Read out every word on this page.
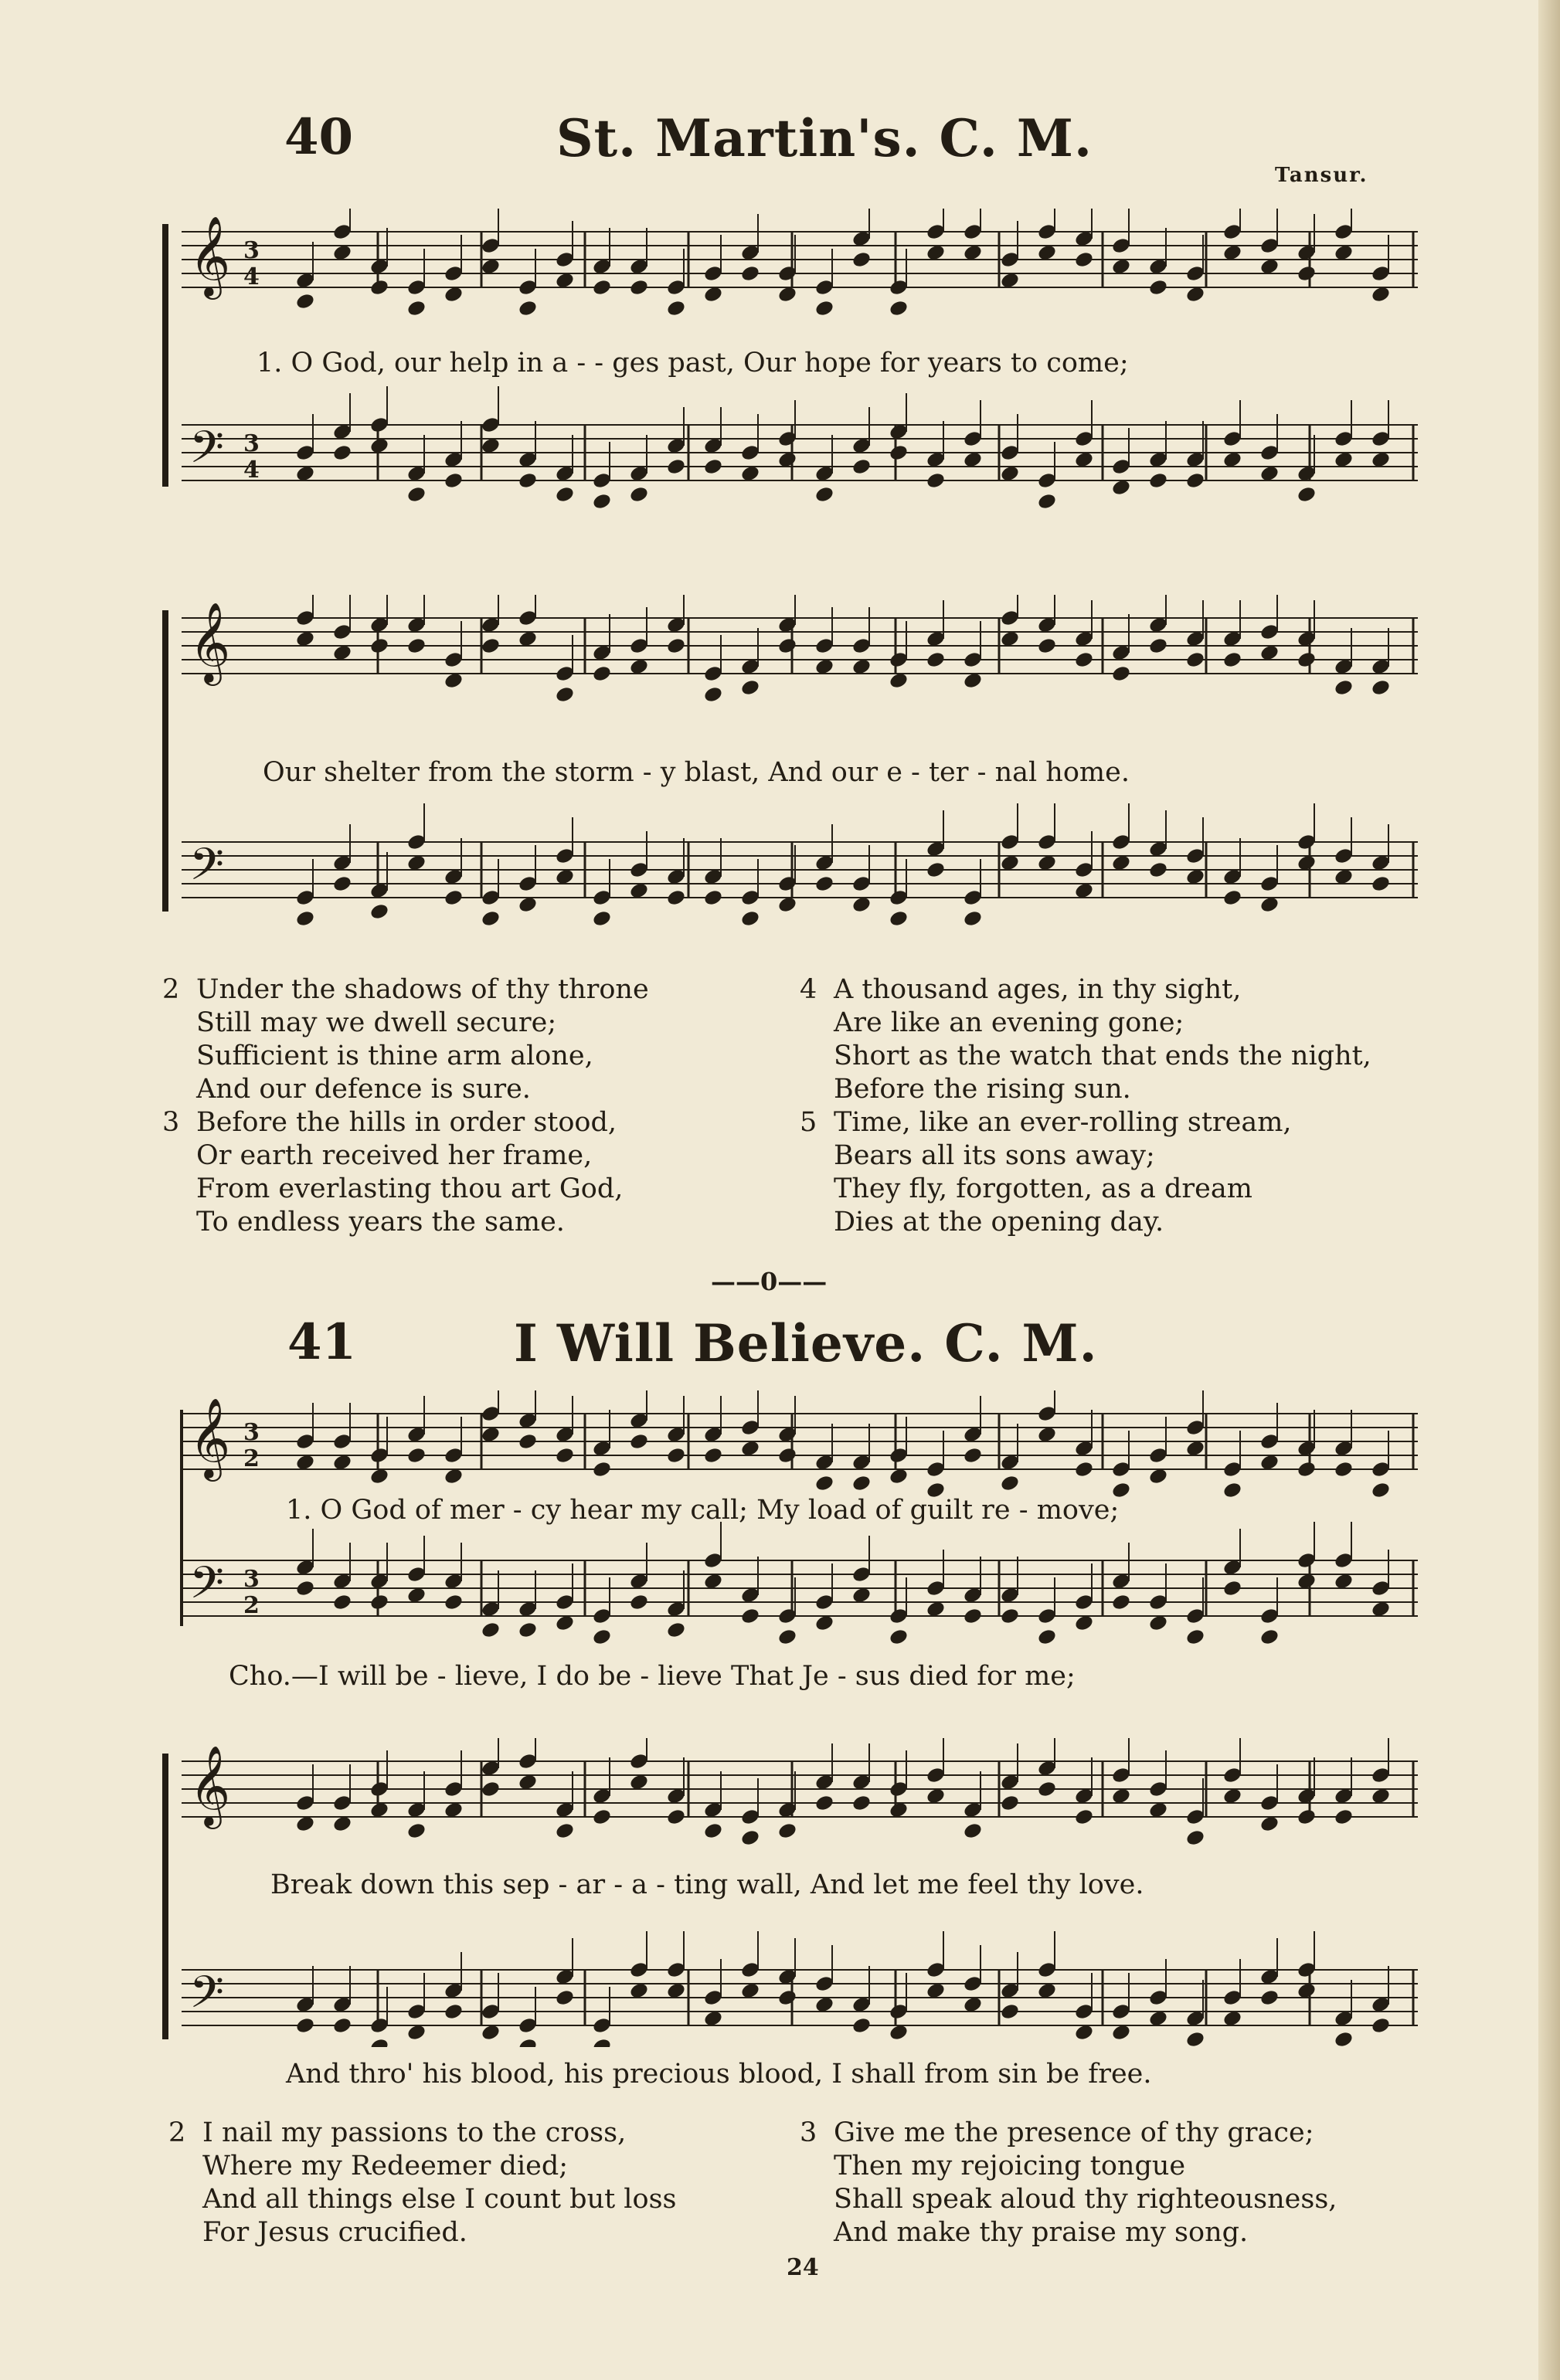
40	St. Martin's. C. M.
Tansur.
𝄞
𝄢
3
4
3
4
1. O God, our help in a - - ges past, Our hope for years to come;
𝄞
𝄢
Our shelter from the storm - y blast, And our e - ter - nal home.
2 Under the shadows of thy throne
Still may we dwell secure;
Sufficient is thine arm alone,
And our defence is sure.
3 Before the hills in order stood,
Or earth received her frame,
From everlasting thou art God,
To endless years the same.
4 A thousand ages, in thy sight,
Are like an evening gone;
Short as the watch that ends the night,
Before the rising sun.
5 Time, like an ever-rolling stream,
Bears all its sons away;
They fly, forgotten, as a dream
Dies at the opening day.
——0——
41	I Will Believe. C. M.
𝄞
𝄢
3
2
3
2
1. O God of mer - cy hear my call; My load of guilt re - move;
Cho.—I will be - lieve, I do be - lieve That Je - sus died for me;
𝄞
𝄢
Break down this sep - ar - a - ting wall, And let me feel thy love.
And thro' his blood, his precious blood, I shall from sin be free.
2 I nail my passions to the cross,
Where my Redeemer died;
And all things else I count but loss
For Jesus crucified.
3 Give me the presence of thy grace;
Then my rejoicing tongue
Shall speak aloud thy righteousness,
And make thy praise my song.
24
